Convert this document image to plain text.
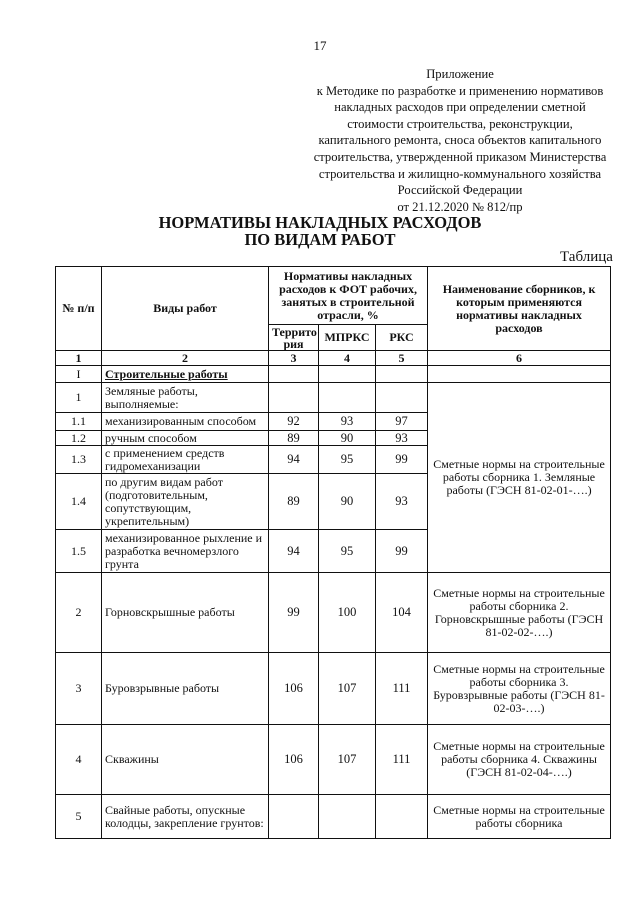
17
Приложение
к Методике по разработке и применению нормативов
накладных расходов при определении сметной
стоимости строительства, реконструкции,
капитального ремонта, сноса объектов капитального
строительства, утвержденной приказом Министерства
строительства и жилищно-коммунального хозяйства
Российской Федерации
от 21.12.2020 № 812/пр
НОРМАТИВЫ НАКЛАДНЫХ РАСХОДОВ
ПО ВИДАМ РАБОТ
Таблица
№ п/п	Виды работ	Нормативы накладных расходов к ФОТ рабочих, занятых в строительной отрасли, %			Наименование сборников, к которым применяются нормативы накладных расходов
		Террито рия	МПРКС	РКС	
1	2	3	4	5	6
I	Строительные работы				
1	Земляные работы, выполняемые:				Сметные нормы на строительные работы сборника 1. Земляные работы (ГЭСН 81-02-01-….)
1.1	механизированным способом	92	93	97	
1.2	ручным способом	89	90	93	
1.3	с применением средств гидромеханизации	94	95	99	
1.4	по другим видам работ (подготовительным, сопутствующим, укрепительным)	89	90	93	
1.5	механизированное рыхление и разработка вечномерзлого грунта	94	95	99	
2	Горновскрышные работы	99	100	104	Сметные нормы на строительные работы сборника 2. Горновскрышные работы (ГЭСН 81-02-02-….)
3	Буровзрывные работы	106	107	111	Сметные нормы на строительные работы сборника 3. Буровзрывные работы (ГЭСН 81-02-03-….)
4	Скважины	106	107	111	Сметные нормы на строительные работы сборника 4. Скважины (ГЭСН 81-02-04-….)
5	Свайные работы, опускные колодцы, закрепление грунтов:				Сметные нормы на строительные работы сборника
